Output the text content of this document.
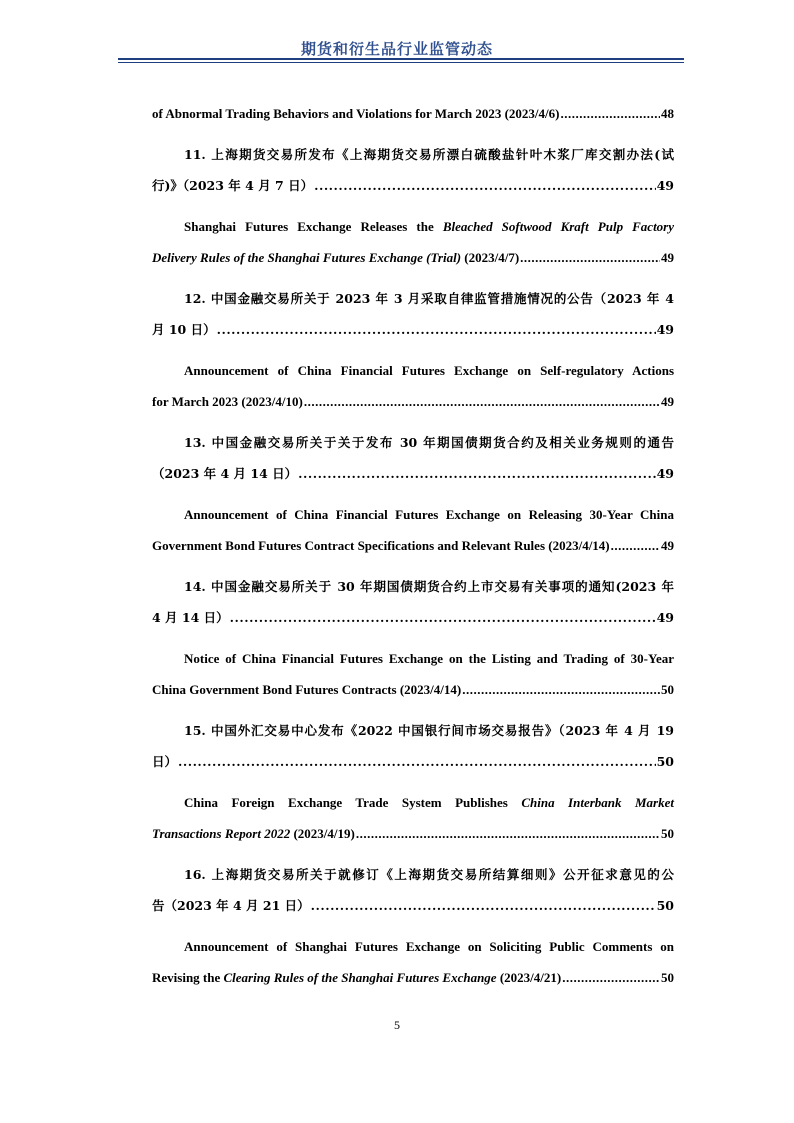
期货和衍生品行业监管动态
of Abnormal Trading Behaviors and Violations for March 2023 (2023/4/6) .....	48
11. 上海期货交易所发布《上海期货交易所漂白硫酸盐针叶木浆厂库交割办法(试
行)》（2023 年 4 月 7 日） .....	49
Shanghai Futures Exchange Releases the Bleached Softwood Kraft Pulp Factory
Delivery Rules of the Shanghai Futures Exchange (Trial) (2023/4/7) .....	49
12. 中国金融交易所关于 2023 年 3 月采取自律监管措施情况的公告（2023 年 4
月 10 日） .....	49
Announcement of China Financial Futures Exchange on Self-regulatory Actions
for March 2023 (2023/4/10) .....	49
13. 中国金融交易所关于关于发布 30 年期国债期货合约及相关业务规则的通告
（2023 年 4 月 14 日） .....	49
Announcement of China Financial Futures Exchange on Releasing 30-Year China
Government Bond Futures Contract Specifications and Relevant Rules (2023/4/14) .....	49
14. 中国金融交易所关于 30 年期国债期货合约上市交易有关事项的通知(2023 年
4 月 14 日） .....	49
Notice of China Financial Futures Exchange on the Listing and Trading of 30-Year
China Government Bond Futures Contracts (2023/4/14) .....	50
15. 中国外汇交易中心发布《2022 中国银行间市场交易报告》（2023 年 4 月 19
日） .....	50
China Foreign Exchange Trade System Publishes China Interbank Market
Transactions Report 2022 (2023/4/19) .....	50
16. 上海期货交易所关于就修订《上海期货交易所结算细则》公开征求意见的公
告（2023 年 4 月 21 日） .....	50
Announcement of Shanghai Futures Exchange on Soliciting Public Comments on
Revising the Clearing Rules of the Shanghai Futures Exchange (2023/4/21) .....	50
5
